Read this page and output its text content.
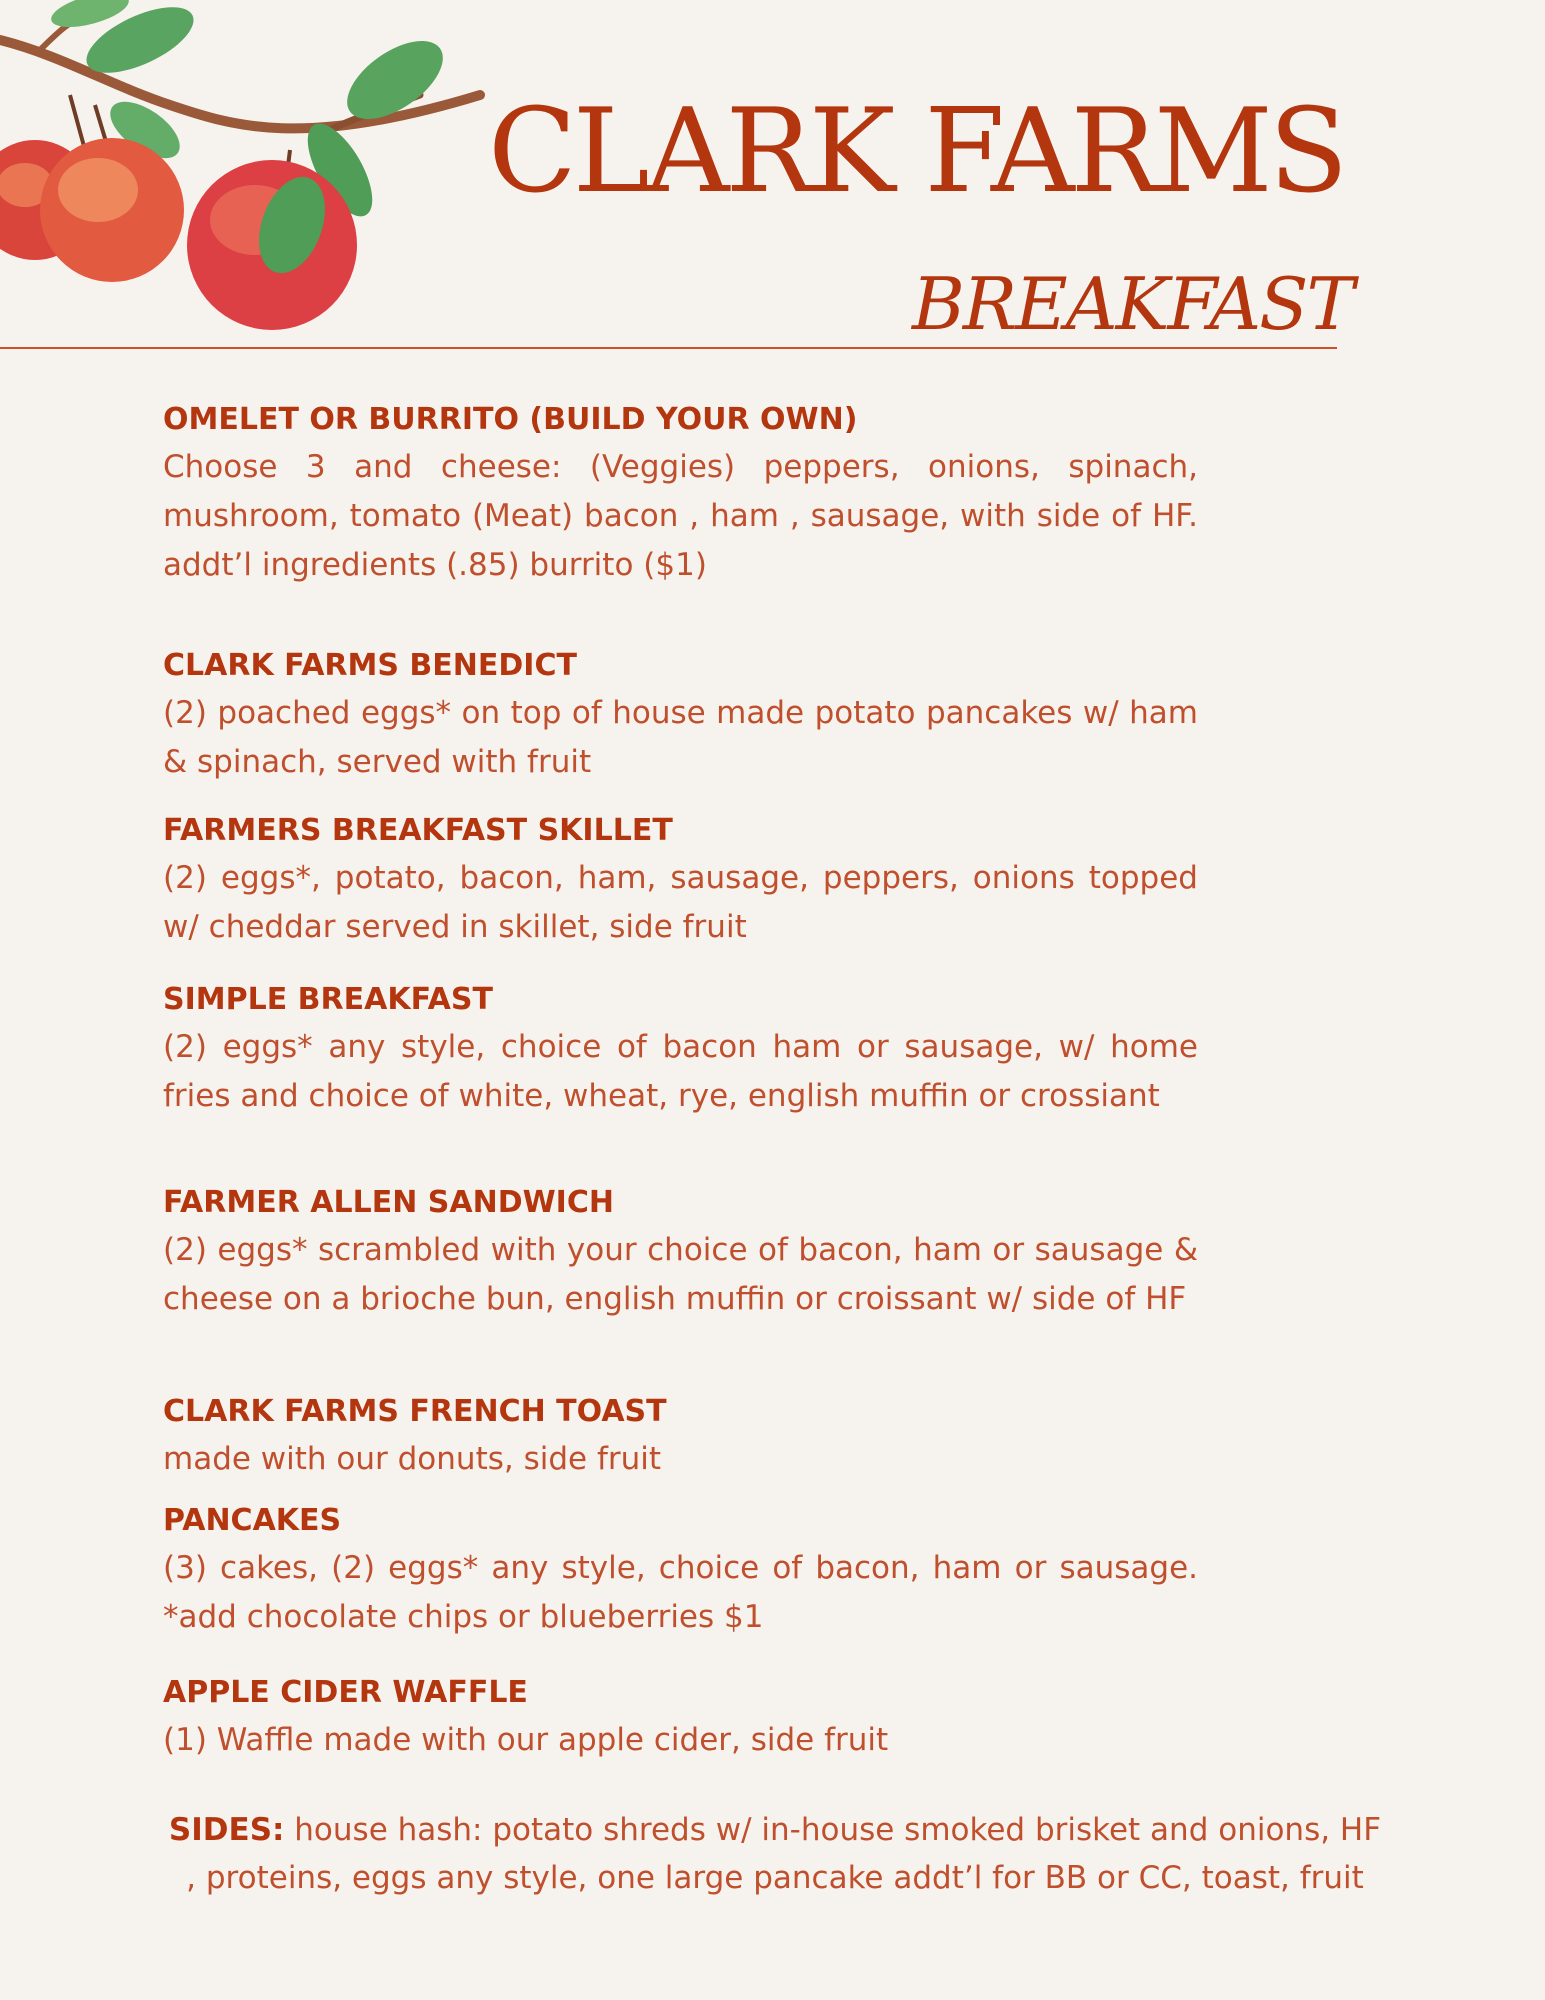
CLARK FARMS
BREAKFAST
OMELET OR BURRITO (BUILD YOUR OWN)
Choose 3 and cheese: (Veggies) peppers, onions, spinach, mushroom, tomato (Meat) bacon , ham , sausage, with side of HF. addt’l ingredients (.85) burrito ($1)
CLARK FARMS BENEDICT
(2) poached eggs* on top of house made potato pancakes w/ ham & spinach, served with fruit
FARMERS BREAKFAST SKILLET
(2) eggs*, potato, bacon, ham, sausage, peppers, onions topped w/ cheddar served in skillet, side fruit
SIMPLE BREAKFAST
(2) eggs* any style, choice of bacon ham or sausage, w/ home fries and choice of white, wheat, rye, english muffin or crossiant
FARMER ALLEN SANDWICH
(2) eggs* scrambled with your choice of bacon, ham or sausage & cheese on a brioche bun, english muffin or croissant w/ side of HF
CLARK FARMS FRENCH TOAST
made with our donuts, side fruit
PANCAKES
(3) cakes, (2) eggs* any style, choice of bacon, ham or sausage. *add chocolate chips or blueberries $1
APPLE CIDER WAFFLE
(1) Waffle made with our apple cider, side fruit
SIDES: house hash: potato shreds w/ in-house smoked brisket and onions, HF , proteins, eggs any style, one large pancake addt’l for BB or CC, toast, fruit
